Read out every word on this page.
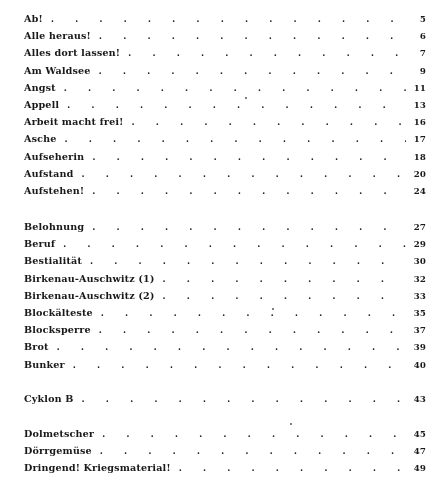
Ab! . . .	5
Alle heraus! . . .	6
Alles dort lassen! . . .	7
Am Waldsee . . .	9
Angst . . .	11
Appell . . .	13
Arbeit macht frei! . . .	16
Asche . . .	17
Aufseherin . . .	18
Aufstand . . .	20
Aufstehen! . . .	24
Belohnung . . .	27
Beruf . . .	29
Bestialität . . .	30
Birkenau-Auschwitz (1) . . .	32
Birkenau-Auschwitz (2) . . .	33
Blockälteste . . .	35
Blocksperre . . .	37
Brot . . .	39
Bunker . . .	40
Cyklon B . . .	43
Dolmetscher . . .	45
Dörrgemüse . . .	47
Dringend! Kriegsmaterial! . . .	49
